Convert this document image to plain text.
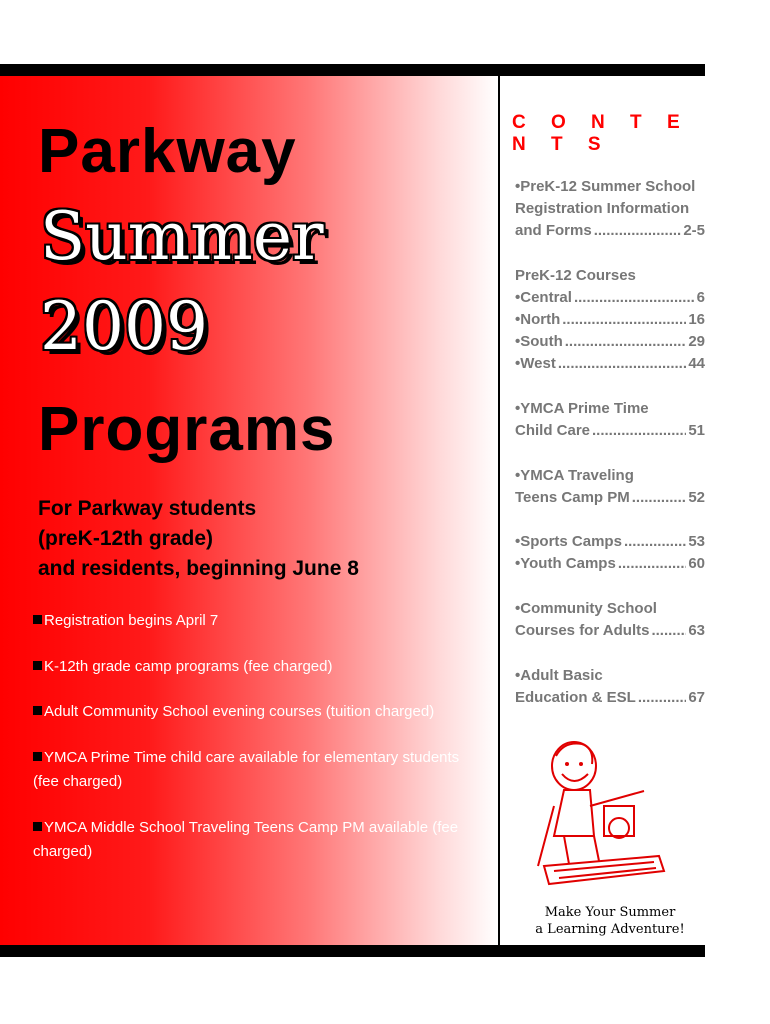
Parkway
Summer
2009
Programs
For Parkway students
(preK-12th grade)
and residents, beginning June 8
Registration begins April 7
K-12th grade camp programs (fee charged)
Adult Community School evening courses (tuition charged)
YMCA Prime Time child care available for elementary students
(fee charged)
YMCA Middle School Traveling Teens Camp PM available (fee
charged)
C O N T E N T S
•PreK-12 Summer School
Registration Information
and Forms .....	2-5
PreK-12 Courses
•Central .....	6
•North .....	16
•South .....	29
•West .....	44
•YMCA Prime Time
Child Care .....	51
•YMCA Traveling
Teens Camp PM .....	52
•Sports Camps .....	53
•Youth Camps .....	60
•Community School
Courses for Adults .....	63
•Adult Basic
Education & ESL .....	67
Make Your Summer
a Learning Adventure!
